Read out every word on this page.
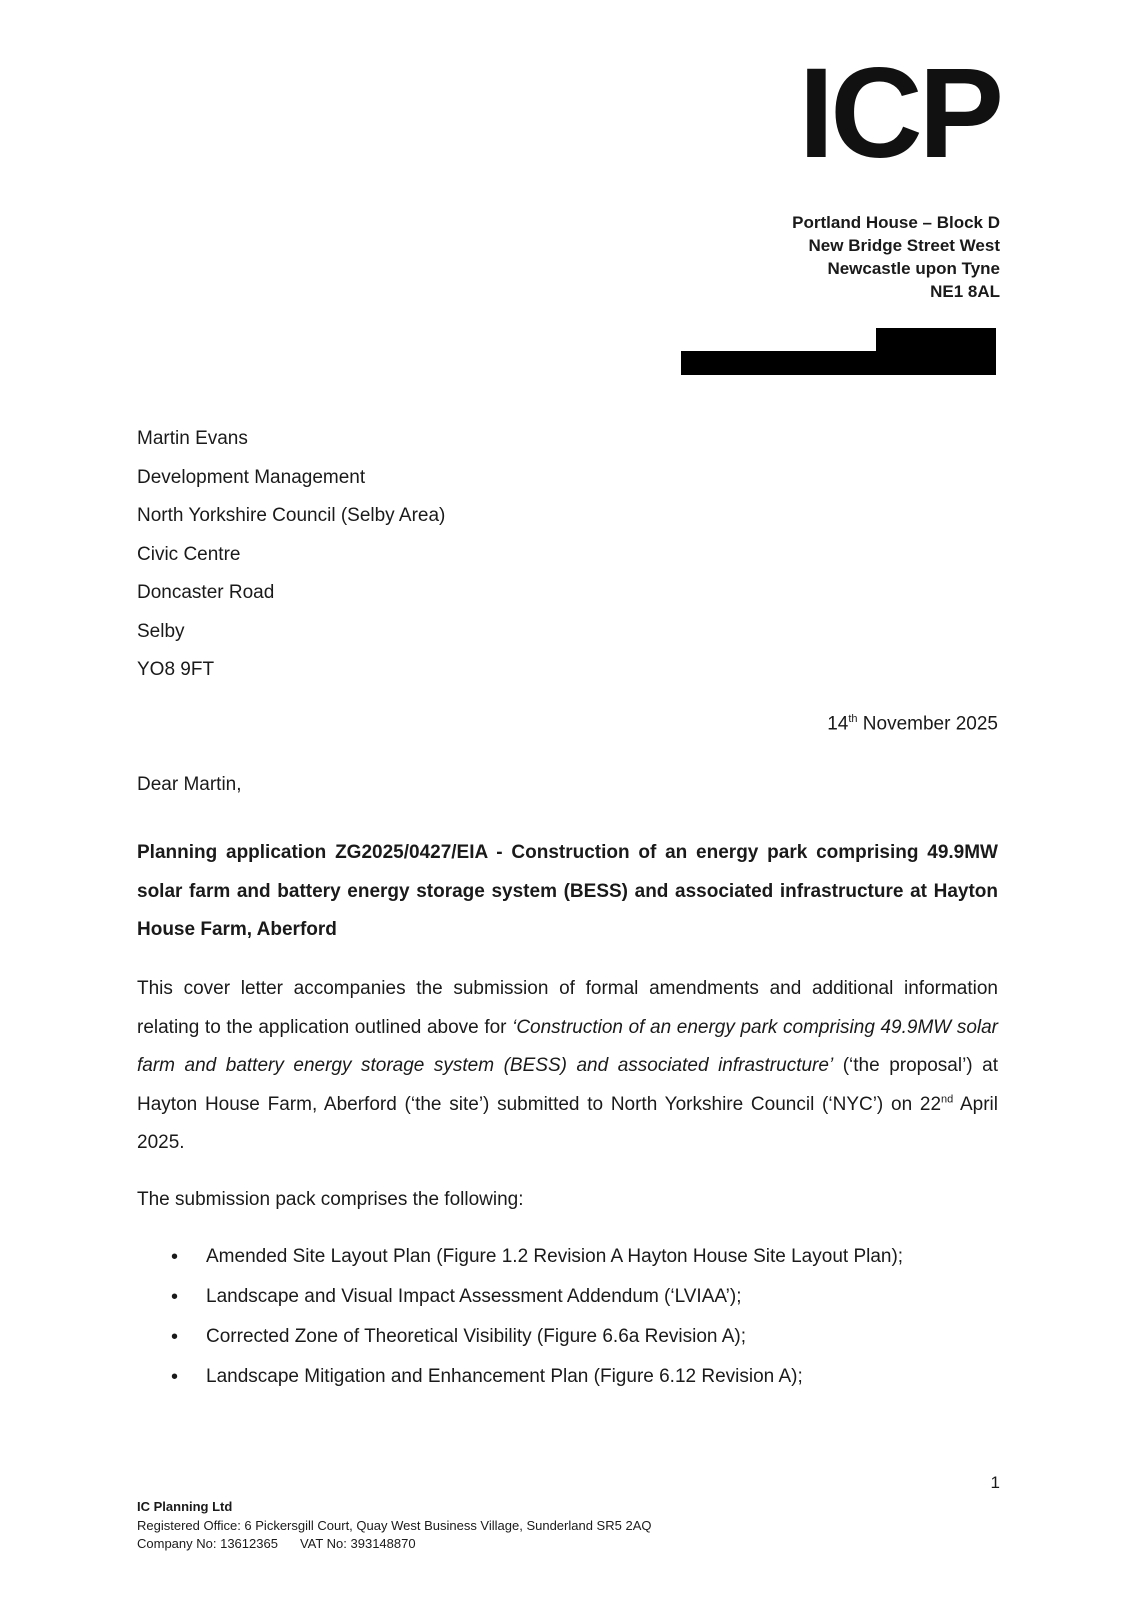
ICP
Portland House – Block D
New Bridge Street West
Newcastle upon Tyne
NE1 8AL
Martin Evans
Development Management
North Yorkshire Council (Selby Area)
Civic Centre
Doncaster Road
Selby
YO8 9FT
14th November 2025
Dear Martin,
Planning application ZG2025/0427/EIA - Construction of an energy park comprising 49.9MW solar farm and battery energy storage system (BESS) and associated infrastructure at Hayton House Farm, Aberford

This cover letter accompanies the submission of formal amendments and additional information relating to the application outlined above for ‘Construction of an energy park comprising 49.9MW solar farm and battery energy storage system (BESS) and associated infrastructure’ (‘the proposal’) at Hayton House Farm, Aberford (‘the site’) submitted to North Yorkshire Council (‘NYC’) on 22nd April 2025.

The submission pack comprises the following:
• Amended Site Layout Plan (Figure 1.2 Revision A Hayton House Site Layout Plan);
• Landscape and Visual Impact Assessment Addendum (‘LVIAA’);
• Corrected Zone of Theoretical Visibility (Figure 6.6a Revision A);
• Landscape Mitigation and Enhancement Plan (Figure 6.12 Revision A);
1
IC Planning Ltd
Registered Office: 6 Pickersgill Court, Quay West Business Village, Sunderland SR5 2AQ
Company No: 13612365 VAT No: 393148870
